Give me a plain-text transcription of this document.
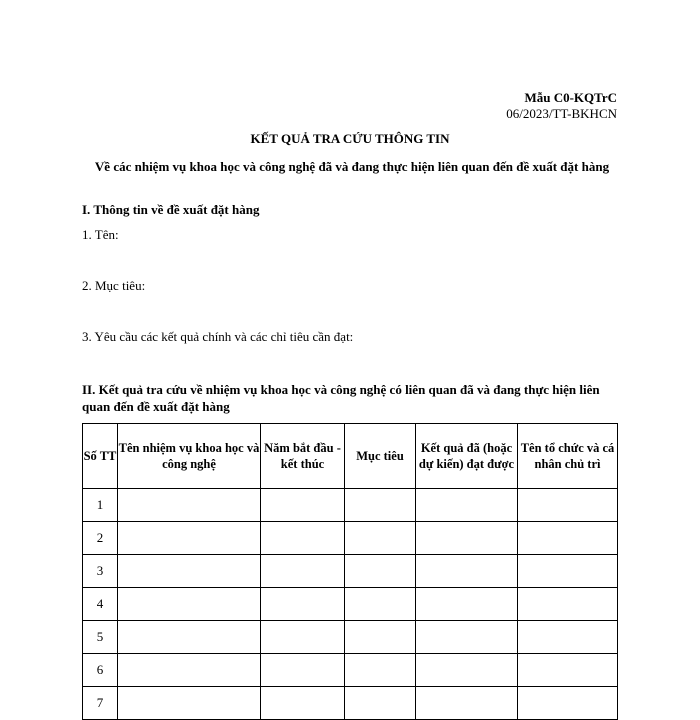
Mẫu C0-KQTrC
06/2023/TT-BKHCN
KẾT QUẢ TRA CỨU THÔNG TIN
Về các nhiệm vụ khoa học và công nghệ đã và đang thực hiện liên quan đến đề xuất đặt hàng
I. Thông tin về đề xuất đặt hàng
1. Tên:
2. Mục tiêu:
3. Yêu cầu các kết quả chính và các chỉ tiêu cần đạt:
II. Kết quả tra cứu về nhiệm vụ khoa học và công nghệ có liên quan đã và đang thực hiện liên quan đến đề xuất đặt hàng
Số TT	Tên nhiệm vụ khoa học và công nghệ	Năm bắt đầu - kết thúc	Mục tiêu	Kết quả đã (hoặc dự kiến) đạt được	Tên tổ chức và cá nhân chủ trì
1					
2					
3					
4					
5					
6					
7					
